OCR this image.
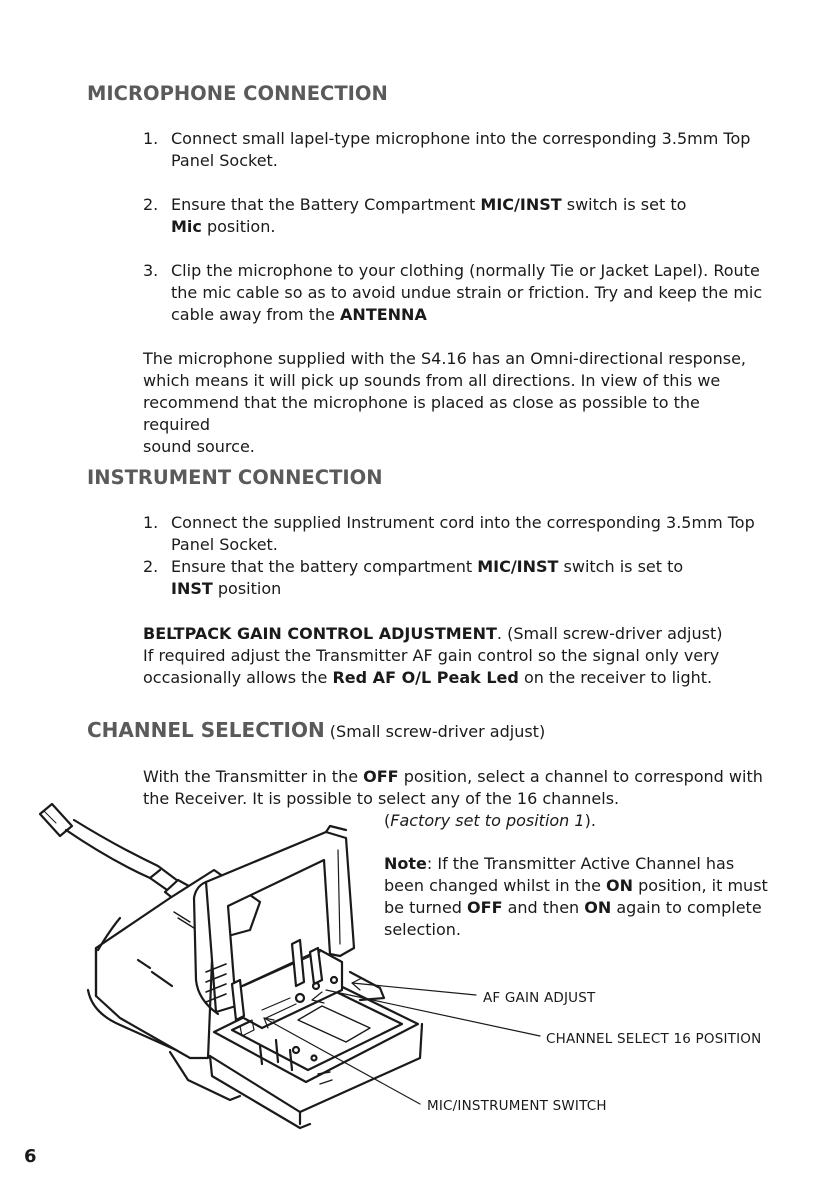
MICROPHONE CONNECTION
1. Connect small lapel-type microphone into the corresponding 3.5mm Top
Panel Socket.
2. Ensure that the Battery Compartment MIC/INST switch is set to
Mic position.
3. Clip the microphone to your clothing (normally Tie or Jacket Lapel). Route
the mic cable so as to avoid undue strain or friction. Try and keep the mic
cable away from the ANTENNA
The microphone supplied with the S4.16 has an Omni-directional response,
which means it will pick up sounds from all directions. In view of this we
recommend that the microphone is placed as close as possible to the required
sound source.
INSTRUMENT CONNECTION
1. Connect the supplied Instrument cord into the corresponding 3.5mm Top
Panel Socket.
2. Ensure that the battery compartment MIC/INST switch is set to
INST position
BELTPACK GAIN CONTROL ADJUSTMENT. (Small screw-driver adjust)
If required adjust the Transmitter AF gain control so the signal only very
occasionally allows the Red AF O/L Peak Led on the receiver to light.
CHANNEL SELECTION (Small screw-driver adjust)
With the Transmitter in the OFF position, select a channel to correspond with
the Receiver. It is possible to select any of the 16 channels.
(Factory set to position 1).
Note: If the Transmitter Active Channel has
been changed whilst in the ON position, it must
be turned OFF and then ON again to complete
selection.
AF GAIN ADJUST
CHANNEL SELECT 16 POSITION
MIC/INSTRUMENT SWITCH
6
